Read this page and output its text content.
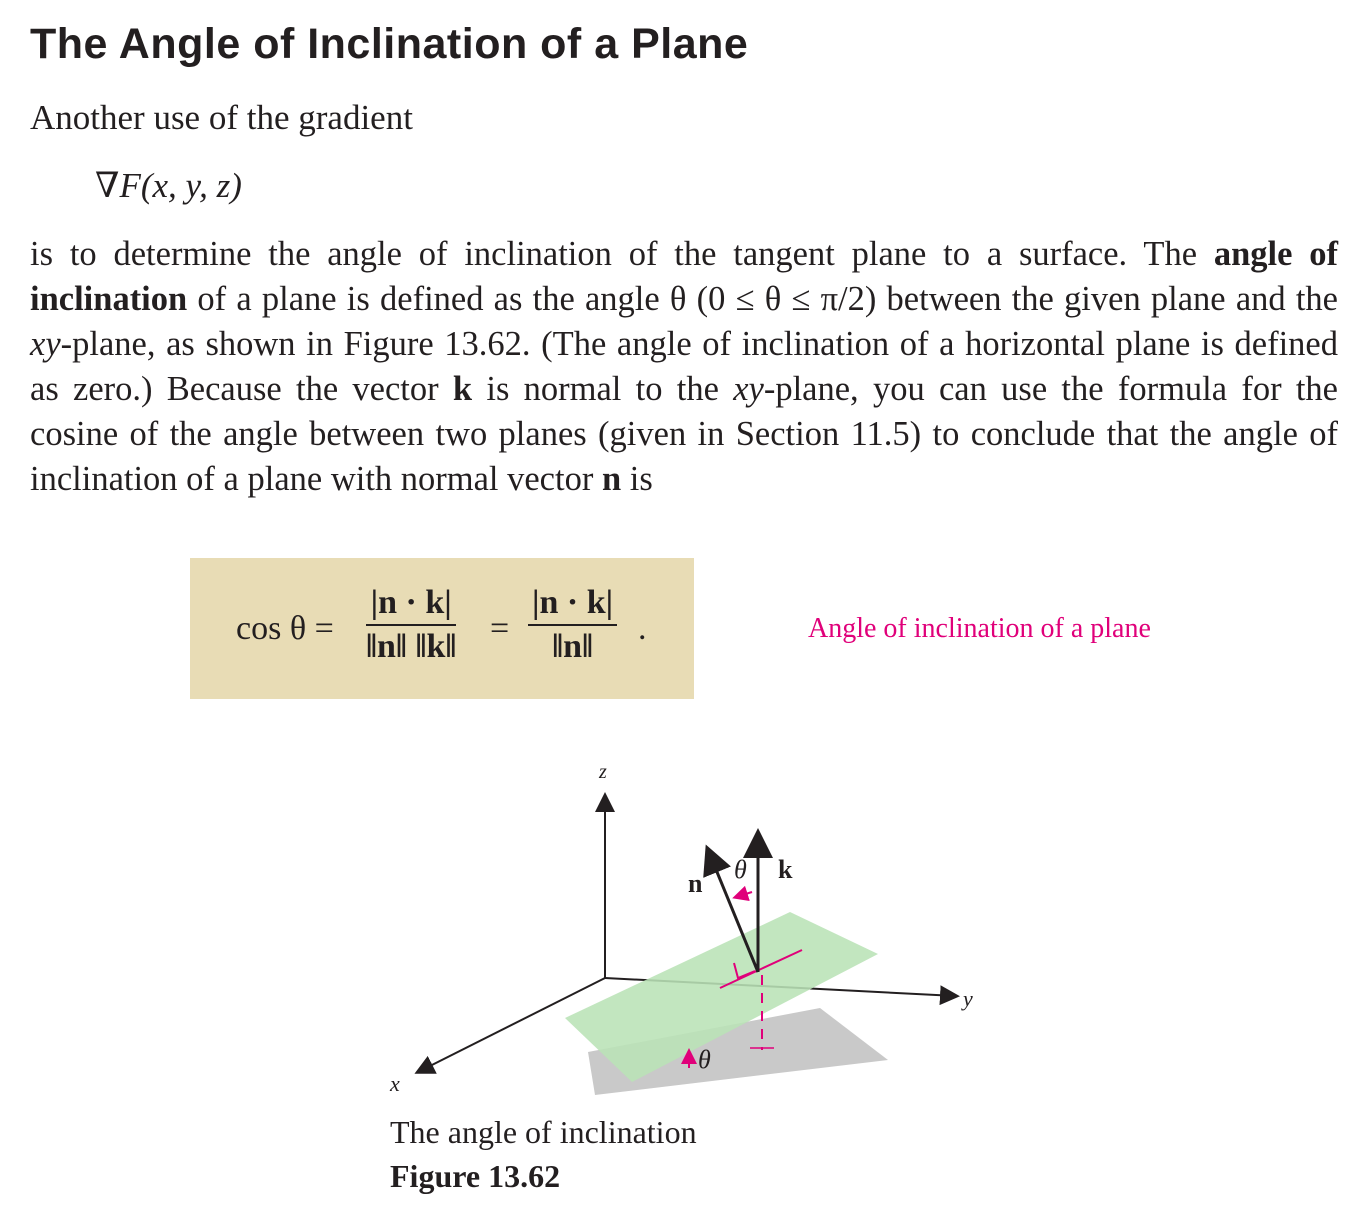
The Angle of Inclination of a Plane
Another use of the gradient
∇F(x, y, z)

is to determine the angle of inclination of the tangent plane to a surface. The angle of inclination of a plane is defined as the angle θ (0 ≤ θ ≤ π/2) between the given plane and the xy-plane, as shown in Figure 13.62. (The angle of inclination of a horizontal plane is defined as zero.) Because the vector k is normal to the xy-plane, you can use the formula for the cosine of the angle between two planes (given in Section 11.5) to conclude that the angle of inclination of a plane with normal vector n is

$\cos \theta = \frac{|n \cdot k|}{‖n‖ ‖k‖} = \frac{|n \cdot k|}{‖n‖}$ .	Angle of inclination of a plane
z
y
x
n	k
θ
θ
The angle of inclination
Figure 13.62
